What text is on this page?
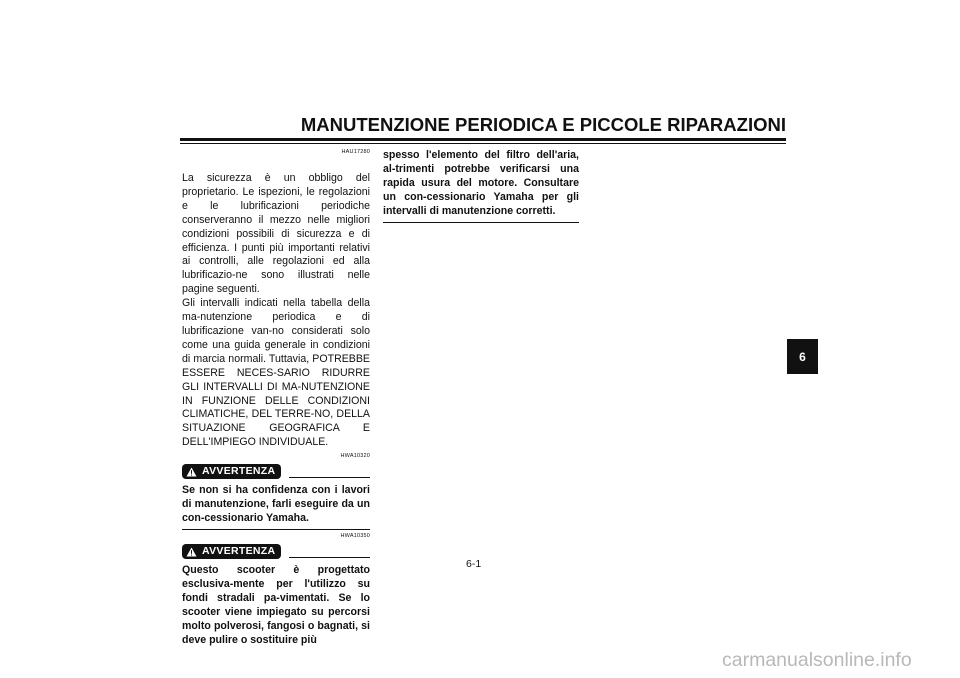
MANUTENZIONE PERIODICA E PICCOLE RIPARAZIONI
HAU17280

La sicurezza è un obbligo del proprietario. Le ispezioni, le regolazioni e le lubrificazioni periodiche conserveranno il mezzo nelle migliori condizioni possibili di sicurezza e di efficienza. I punti più importanti relativi ai controlli, alle regolazioni ed alla lubrificazio-ne sono illustrati nelle pagine seguenti.

Gli intervalli indicati nella tabella della ma-nutenzione periodica e di lubrificazione van-no considerati solo come una guida generale in condizioni di marcia normali. Tuttavia, POTREBBE ESSERE NECES-SARIO RIDURRE GLI INTERVALLI DI MA-NUTENZIONE IN FUNZIONE DELLE CONDIZIONI CLIMATICHE, DEL TERRE-NO, DELLA SITUAZIONE GEOGRAFICA E DELL'IMPIEGO INDIVIDUALE.

HWA10320
AVVERTENZA

Se non si ha confidenza con i lavori di manutenzione, farli eseguire da un con-cessionario Yamaha.

HWA10350
AVVERTENZA

Questo scooter è progettato esclusiva-mente per l'utilizzo su fondi stradali pa-vimentati. Se lo scooter viene impiegato su percorsi molto polverosi, fangosi o bagnati, si deve pulire o sostituire più

spesso l'elemento del filtro dell'aria, al-trimenti potrebbe verificarsi una rapida usura del motore. Consultare un con-cessionario Yamaha per gli intervalli di manutenzione corretti.

6
6-1
carmanualsonline.info
